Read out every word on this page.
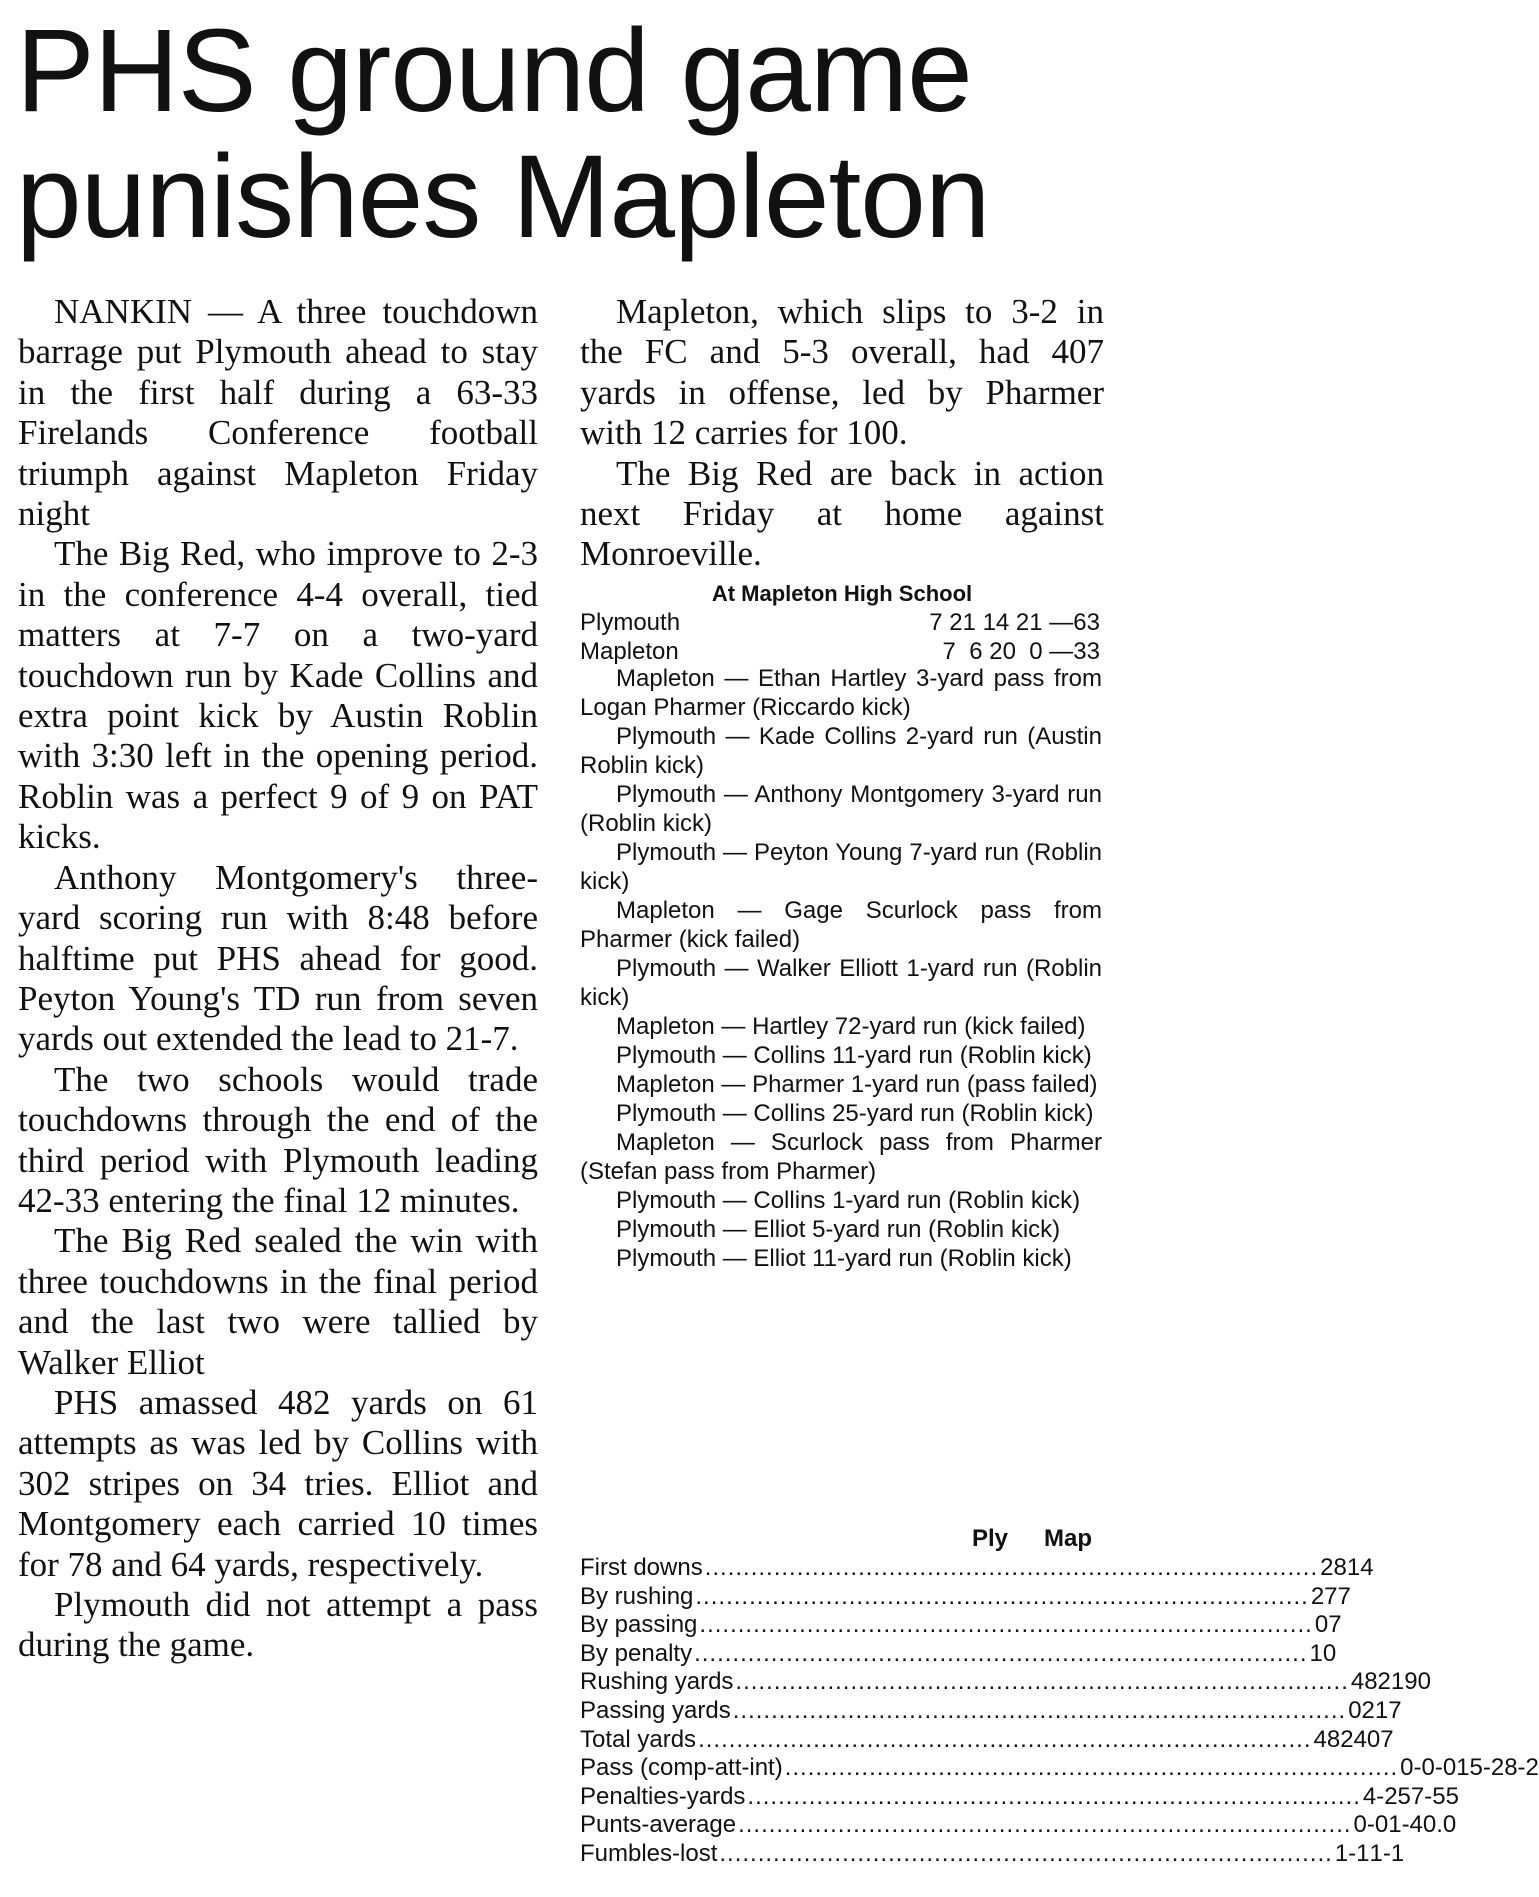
PHS ground game
punishes Mapleton

NANKIN — A three touchdown barrage put Plymouth ahead to stay in the first half during a 63-33 Firelands Conference football triumph against Mapleton Friday night

The Big Red, who improve to 2-3 in the conference 4-4 overall, tied matters at 7-7 on a two-yard touchdown run by Kade Collins and extra point kick by Austin Roblin with 3:30 left in the opening period. Roblin was a perfect 9 of 9 on PAT kicks.

Anthony Montgomery's three-yard scoring run with 8:48 before halftime put PHS ahead for good. Peyton Young's TD run from seven yards out extended the lead to 21-7.

The two schools would trade touchdowns through the end of the third period with Plymouth leading 42-33 entering the final 12 minutes.

The Big Red sealed the win with three touchdowns in the final period and the last two were tallied by Walker Elliot

PHS amassed 482 yards on 61 attempts as was led by Collins with 302 stripes on 34 tries. Elliot and Montgomery each carried 10 times for 78 and 64 yards, respectively.

Plymouth did not attempt a pass during the game.

Mapleton, which slips to 3-2 in the FC and 5-3 overall, had 407 yards in offense, led by Pharmer with 12 carries for 100.

The Big Red are back in action next Friday at home against Monroeville.

At Mapleton High School
Plymouth	7 21 14 21 —63
Mapleton	7  6 20  0 —33

Mapleton — Ethan Hartley 3-yard pass from Logan Pharmer (Riccardo kick)

Plymouth — Kade Collins 2-yard run (Austin Roblin kick)

Plymouth — Anthony Montgomery 3-yard run (Roblin kick)

Plymouth — Peyton Young 7-yard run (Roblin kick)

Mapleton — Gage Scurlock pass from Pharmer (kick failed)

Plymouth — Walker Elliott 1-yard run (Roblin kick)

Mapleton — Hartley 72-yard run (kick failed)

Plymouth — Collins 11-yard run (Roblin kick)

Mapleton — Pharmer 1-yard run (pass failed)

Plymouth — Collins 25-yard run (Roblin kick)

Mapleton — Scurlock pass from Pharmer (Stefan pass from Pharmer)

Plymouth — Collins 1-yard run (Roblin kick)

Plymouth — Elliot 5-yard run (Roblin kick)

Plymouth — Elliot 11-yard run (Roblin kick)

Ply	Map
First downs ................................................................................ 28 14
By rushing ................................................................................ 27 7
By passing ................................................................................ 0 7
By penalty ................................................................................ 1 0
Rushing yards ................................................................................ 482 190
Passing yards ................................................................................ 0 217
Total yards ................................................................................ 482 407
Pass (comp-att-int) ................................................................................ 0-0-0 15-28-2
Penalties-yards ................................................................................ 4-25 7-55
Punts-average ................................................................................ 0-0 1-40.0
Fumbles-lost ................................................................................ 1-1 1-1
